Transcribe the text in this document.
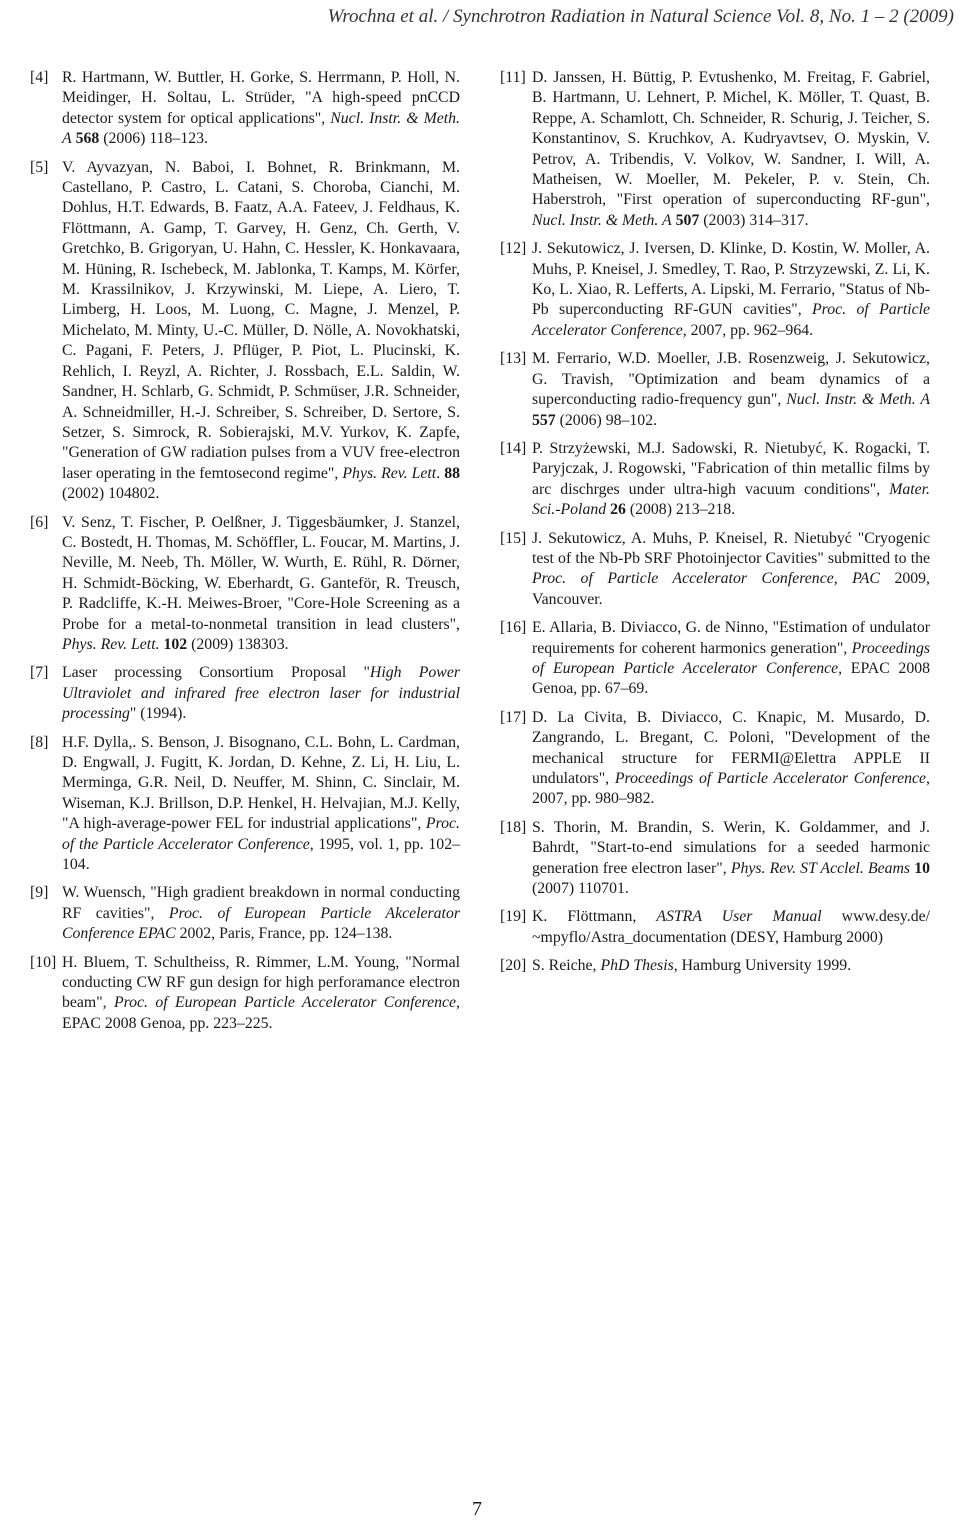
Wrochna et al. / Synchrotron Radiation in Natural Science Vol. 8, No. 1 – 2 (2009)
[4] R. Hartmann, W. Buttler, H. Gorke, S. Herrmann, P. Holl, N. Meidinger, H. Soltau, L. Strüder, "A high-speed pnCCD detector system for optical applications", Nucl. Instr. & Meth. A 568 (2006) 118–123.
[5] V. Ayvazyan, N. Baboi, I. Bohnet, R. Brinkmann, M. Castellano, P. Castro, L. Catani, S. Choroba, Cianchi, M. Dohlus, H.T. Edwards, B. Faatz, A.A. Fateev, J. Feldhaus, K. Flöttmann, A. Gamp, T. Garvey, H. Genz, Ch. Gerth, V. Gretchko, B. Grigoryan, U. Hahn, C. Hessler, K. Honkavaara, M. Hüning, R. Ischebeck, M. Jablonka, T. Kamps, M. Körfer, M. Krassilnikov, J. Krzywinski, M. Liepe, A. Liero, T. Limberg, H. Loos, M. Luong, C. Magne, J. Menzel, P. Michelato, M. Minty, U.-C. Müller, D. Nölle, A. Novokhatski, C. Pagani, F. Peters, J. Pflüger, P. Piot, L. Plucinski, K. Rehlich, I. Reyzl, A. Richter, J. Rossbach, E.L. Saldin, W. Sandner, H. Schlarb, G. Schmidt, P. Schmüser, J.R. Schneider, A. Schneidmiller, H.-J. Schreiber, S. Schreiber, D. Sertore, S. Setzer, S. Simrock, R. Sobierajski, M.V. Yurkov, K. Zapfe, "Generation of GW radiation pulses from a VUV free-electron laser operating in the femtosecond regime", Phys. Rev. Lett. 88 (2002) 104802.
[6] V. Senz, T. Fischer, P. Oelßner, J. Tiggesbäumker, J. Stanzel, C. Bostedt, H. Thomas, M. Schöffler, L. Foucar, M. Martins, J. Neville, M. Neeb, Th. Möller, W. Wurth, E. Rühl, R. Dörner, H. Schmidt-Böcking, W. Eberhardt, G. Ganteför, R. Treusch, P. Radcliffe, K.-H. Meiwes-Broer, "Core-Hole Screening as a Probe for a metal-to-nonmetal transition in lead clusters", Phys. Rev. Lett. 102 (2009) 138303.
[7] Laser processing Consortium Proposal "High Power Ultraviolet and infrared free electron laser for industrial processing" (1994).
[8] H.F. Dylla,. S. Benson, J. Bisognano, C.L. Bohn, L. Cardman, D. Engwall, J. Fugitt, K. Jordan, D. Kehne, Z. Li, H. Liu, L. Merminga, G.R. Neil, D. Neuffer, M. Shinn, C. Sinclair, M. Wiseman, K.J. Brillson, D.P. Henkel, H. Helvajian, M.J. Kelly, "A high-average-power FEL for industrial applications", Proc. of the Particle Accelerator Conference, 1995, vol. 1, pp. 102–104.
[9] W. Wuensch, "High gradient breakdown in normal conducting RF cavities", Proc. of European Particle Akcelerator Conference EPAC 2002, Paris, France, pp. 124–138.
[10] H. Bluem, T. Schultheiss, R. Rimmer, L.M. Young, "Normal conducting CW RF gun design for high perforamance electron beam", Proc. of European Particle Accelerator Conference, EPAC 2008 Genoa, pp. 223–225.
[11] D. Janssen, H. Büttig, P. Evtushenko, M. Freitag, F. Gabriel, B. Hartmann, U. Lehnert, P. Michel, K. Möller, T. Quast, B. Reppe, A. Schamlott, Ch. Schneider, R. Schurig, J. Teicher, S. Konstantinov, S. Kruchkov, A. Kudryavtsev, O. Myskin, V. Petrov, A. Tribendis, V. Volkov, W. Sandner, I. Will, A. Matheisen, W. Moeller, M. Pekeler, P. v. Stein, Ch. Haberstroh, "First operation of superconducting RF-gun", Nucl. Instr. & Meth. A 507 (2003) 314–317.
[12] J. Sekutowicz, J. Iversen, D. Klinke, D. Kostin, W. Moller, A. Muhs, P. Kneisel, J. Smedley, T. Rao, P. Strzyzewski, Z. Li, K. Ko, L. Xiao, R. Lefferts, A. Lipski, M. Ferrario, "Status of Nb-Pb superconducting RF-GUN cavities", Proc. of Particle Accelerator Conference, 2007, pp. 962–964.
[13] M. Ferrario, W.D. Moeller, J.B. Rosenzweig, J. Sekutowicz, G. Travish, "Optimization and beam dynamics of a superconducting radio-frequency gun", Nucl. Instr. & Meth. A 557 (2006) 98–102.
[14] P. Strzyżewski, M.J. Sadowski, R. Nietubyć, K. Rogacki, T. Paryjczak, J. Rogowski, "Fabrication of thin metallic films by arc dischrges under ultra-high vacuum conditions", Mater. Sci.-Poland 26 (2008) 213–218.
[15] J. Sekutowicz, A. Muhs, P. Kneisel, R. Nietubyć "Cryogenic test of the Nb-Pb SRF Photoinjector Cavities" submitted to the Proc. of Particle Accelerator Conference, PAC 2009, Vancouver.
[16] E. Allaria, B. Diviacco, G. de Ninno, "Estimation of undulator requirements for coherent harmonics generation", Proceedings of European Particle Accelerator Conference, EPAC 2008 Genoa, pp. 67–69.
[17] D. La Civita, B. Diviacco, C. Knapic, M. Musardo, D. Zangrando, L. Bregant, C. Poloni, "Development of the mechanical structure for FERMI@Elettra APPLE II undulators", Proceedings of Particle Accelerator Conference, 2007, pp. 980–982.
[18] S. Thorin, M. Brandin, S. Werin, K. Goldammer, and J. Bahrdt, "Start-to-end simulations for a seeded harmonic generation free electron laser", Phys. Rev. ST Acclel. Beams 10 (2007) 110701.
[19] K. Flöttmann, ASTRA User Manual www.desy.de/ ~mpyflo/Astra_documentation (DESY, Hamburg 2000)
[20] S. Reiche, PhD Thesis, Hamburg University 1999.
7
